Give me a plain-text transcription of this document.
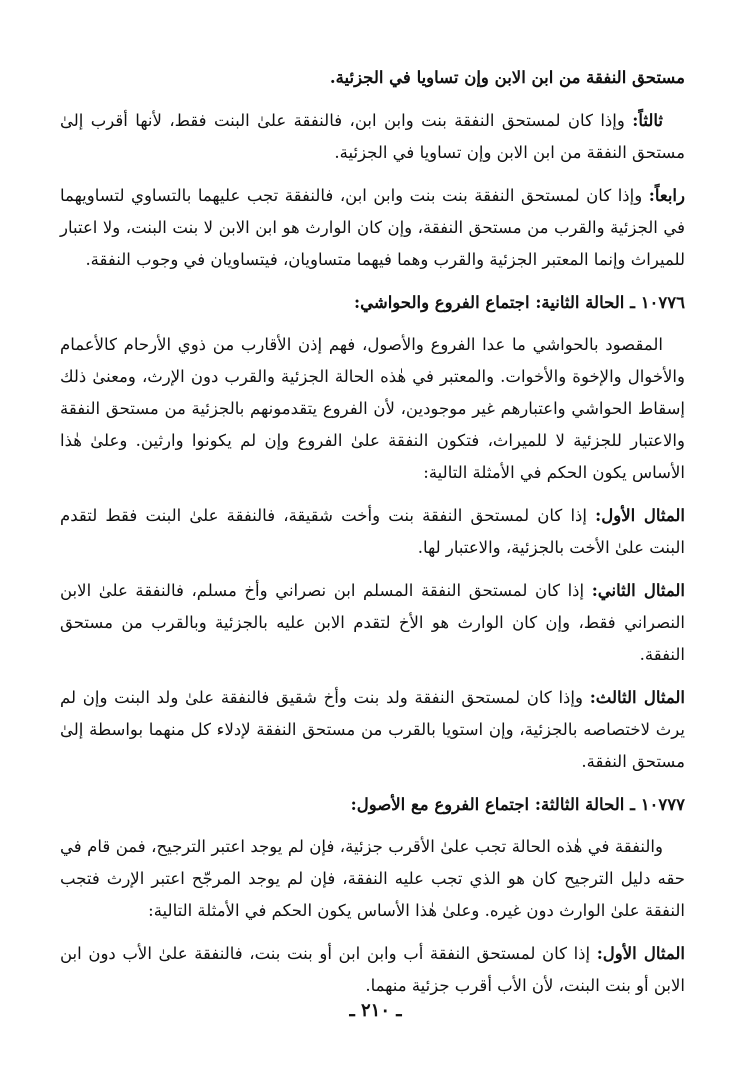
مستحق النفقة من ابن الابن وإن تساويا في الجزئية.

ثالثاً: وإذا كان لمستحق النفقة بنت وابن ابن، فالنفقة علىٰ البنت فقط، لأنها أقرب إلىٰ مستحق النفقة من ابن الابن وإن تساويا في الجزئية.

رابعاً: وإذا كان لمستحق النفقة بنت بنت وابن ابن، فالنفقة تجب عليهما بالتساوي لتساويهما في الجزئية والقرب من مستحق النفقة، وإن كان الوارث هو ابن الابن لا بنت البنت، ولا اعتبار للميراث وإنما المعتبر الجزئية والقرب وهما فيهما متساويان، فيتساويان في وجوب النفقة.

١٠٧٧٦ ـ الحالة الثانية: اجتماع الفروع والحواشي:

المقصود بالحواشي ما عدا الفروع والأصول، فهم إذن الأقارب من ذوي الأرحام كالأعمام والأخوال والإخوة والأخوات. والمعتبر في هٰذه الحالة الجزئية والقرب دون الإرث، ومعنىٰ ذلك إسقاط الحواشي واعتبارهم غير موجودين، لأن الفروع يتقدمونهم بالجزئية من مستحق النفقة والاعتبار للجزئية لا للميراث، فتكون النفقة علىٰ الفروع وإن لم يكونوا وارثين. وعلىٰ هٰذا الأساس يكون الحكم في الأمثلة التالية:

المثال الأول: إذا كان لمستحق النفقة بنت وأخت شقيقة، فالنفقة علىٰ البنت فقط لتقدم البنت علىٰ الأخت بالجزئية، والاعتبار لها.

المثال الثاني: إذا كان لمستحق النفقة المسلم ابن نصراني وأخ مسلم، فالنفقة علىٰ الابن النصراني فقط، وإن كان الوارث هو الأخ لتقدم الابن عليه بالجزئية وبالقرب من مستحق النفقة.

المثال الثالث: وإذا كان لمستحق النفقة ولد بنت وأخ شقيق فالنفقة علىٰ ولد البنت وإن لم يرث لاختصاصه بالجزئية، وإن استويا بالقرب من مستحق النفقة لإدلاء كل منهما بواسطة إلىٰ مستحق النفقة.

١٠٧٧٧ ـ الحالة الثالثة: اجتماع الفروع مع الأصول:

والنفقة في هٰذه الحالة تجب علىٰ الأقرب جزئية، فإن لم يوجد اعتبر الترجيح، فمن قام في حقه دليل الترجيح كان هو الذي تجب عليه النفقة، فإن لم يوجد المرجّح اعتبر الإرث فتجب النفقة علىٰ الوارث دون غيره. وعلىٰ هٰذا الأساس يكون الحكم في الأمثلة التالية:

المثال الأول: إذا كان لمستحق النفقة أب وابن ابن أو بنت بنت، فالنفقة علىٰ الأب دون ابن الابن أو بنت البنت، لأن الأب أقرب جزئية منهما.

ـ ٢١٠ ـ
